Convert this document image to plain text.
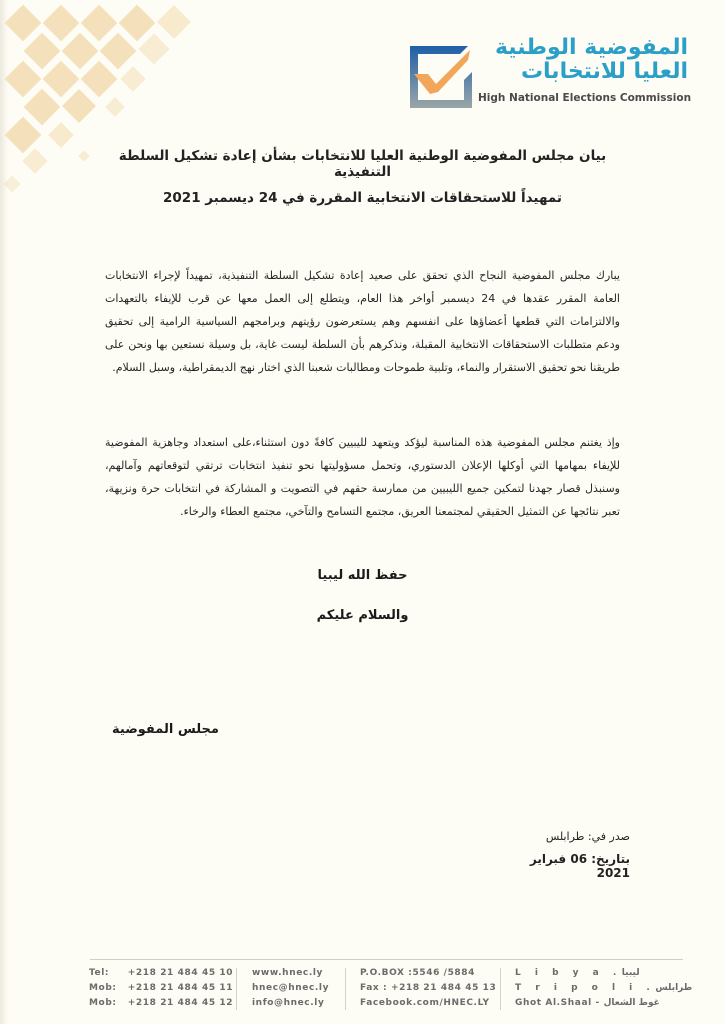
المفوضية الوطنية
العليا للانتخابات
High National Elections Commission
بيان مجلس المفوضية الوطنية العليا للانتخابات بشأن إعادة تشكيل السلطة التنفيذية
تمهيداً للاستحقاقات الانتخابية المقررة في 24 ديسمبر 2021
يبارك مجلس المفوضية النجاح الذي تحقق على صعيد إعادة تشكيل السلطة التنفيذية، تمهيداً لإجراء الانتخابات العامة المقرر عقدها في 24 ديسمبر أواخر هذا العام، ويتطلع إلى العمل معها عن قرب للإيفاء بالتعهدات والالتزامات التي قطعها أعضاؤها على انفسهم وهم يستعرضون رؤيتهم وبرامجهم السياسية الرامية إلى تحقيق ودعم متطلبات الاستحقاقات الانتخابية المقبلة، ونذكرهم بأن السلطة ليست غاية، بل وسيلة نستعين بها ونحن على طريقنا نحو تحقيق الاستقرار والنماء، وتلبية طموحات ومطالبات شعبنا الذي اختار نهج الديمقراطية، وسبل السلام.
وإذ يغتنم مجلس المفوضية هذه المناسبة ليؤكد ويتعهد لليبيين كافةً دون استثناء،على استعداد وجاهزية المفوضية للإيفاء بمهامها التي أوكلها الإعلان الدستوري، وتحمل مسؤوليتها نحو تنفيذ انتخابات ترتقي لتوقعاتهم وآمالهم، وسنبذل قصار جهدنا لتمكين جميع الليبيين من ممارسة حقهم في التصويت و المشاركة في انتخابات حرة ونزيهة، تعبر نتائجها عن التمثيل الحقيقي لمجتمعنا العريق، مجتمع التسامح والتآخي، مجتمع العطاء والرخاء.
حفظ الله ليبيا
والسلام عليكم
مجلس المفوضية
صدر في: طرابلس
بتاريخ: 06 فبراير 2021
Tel: +218 21 484 45 10
Mob: +218 21 484 45 11
Mob: +218 21 484 45 12
www.hnec.ly
hnec@hnec.ly
info@hnec.ly
P.O.BOX :5546 /5884
Fax : +218 21 484 45 13
Facebook.com/HNEC.LY
L i b y a .ليبيا
T r i p o l i .طرابلس
Ghot Al.Shaal - غوط الشعال
